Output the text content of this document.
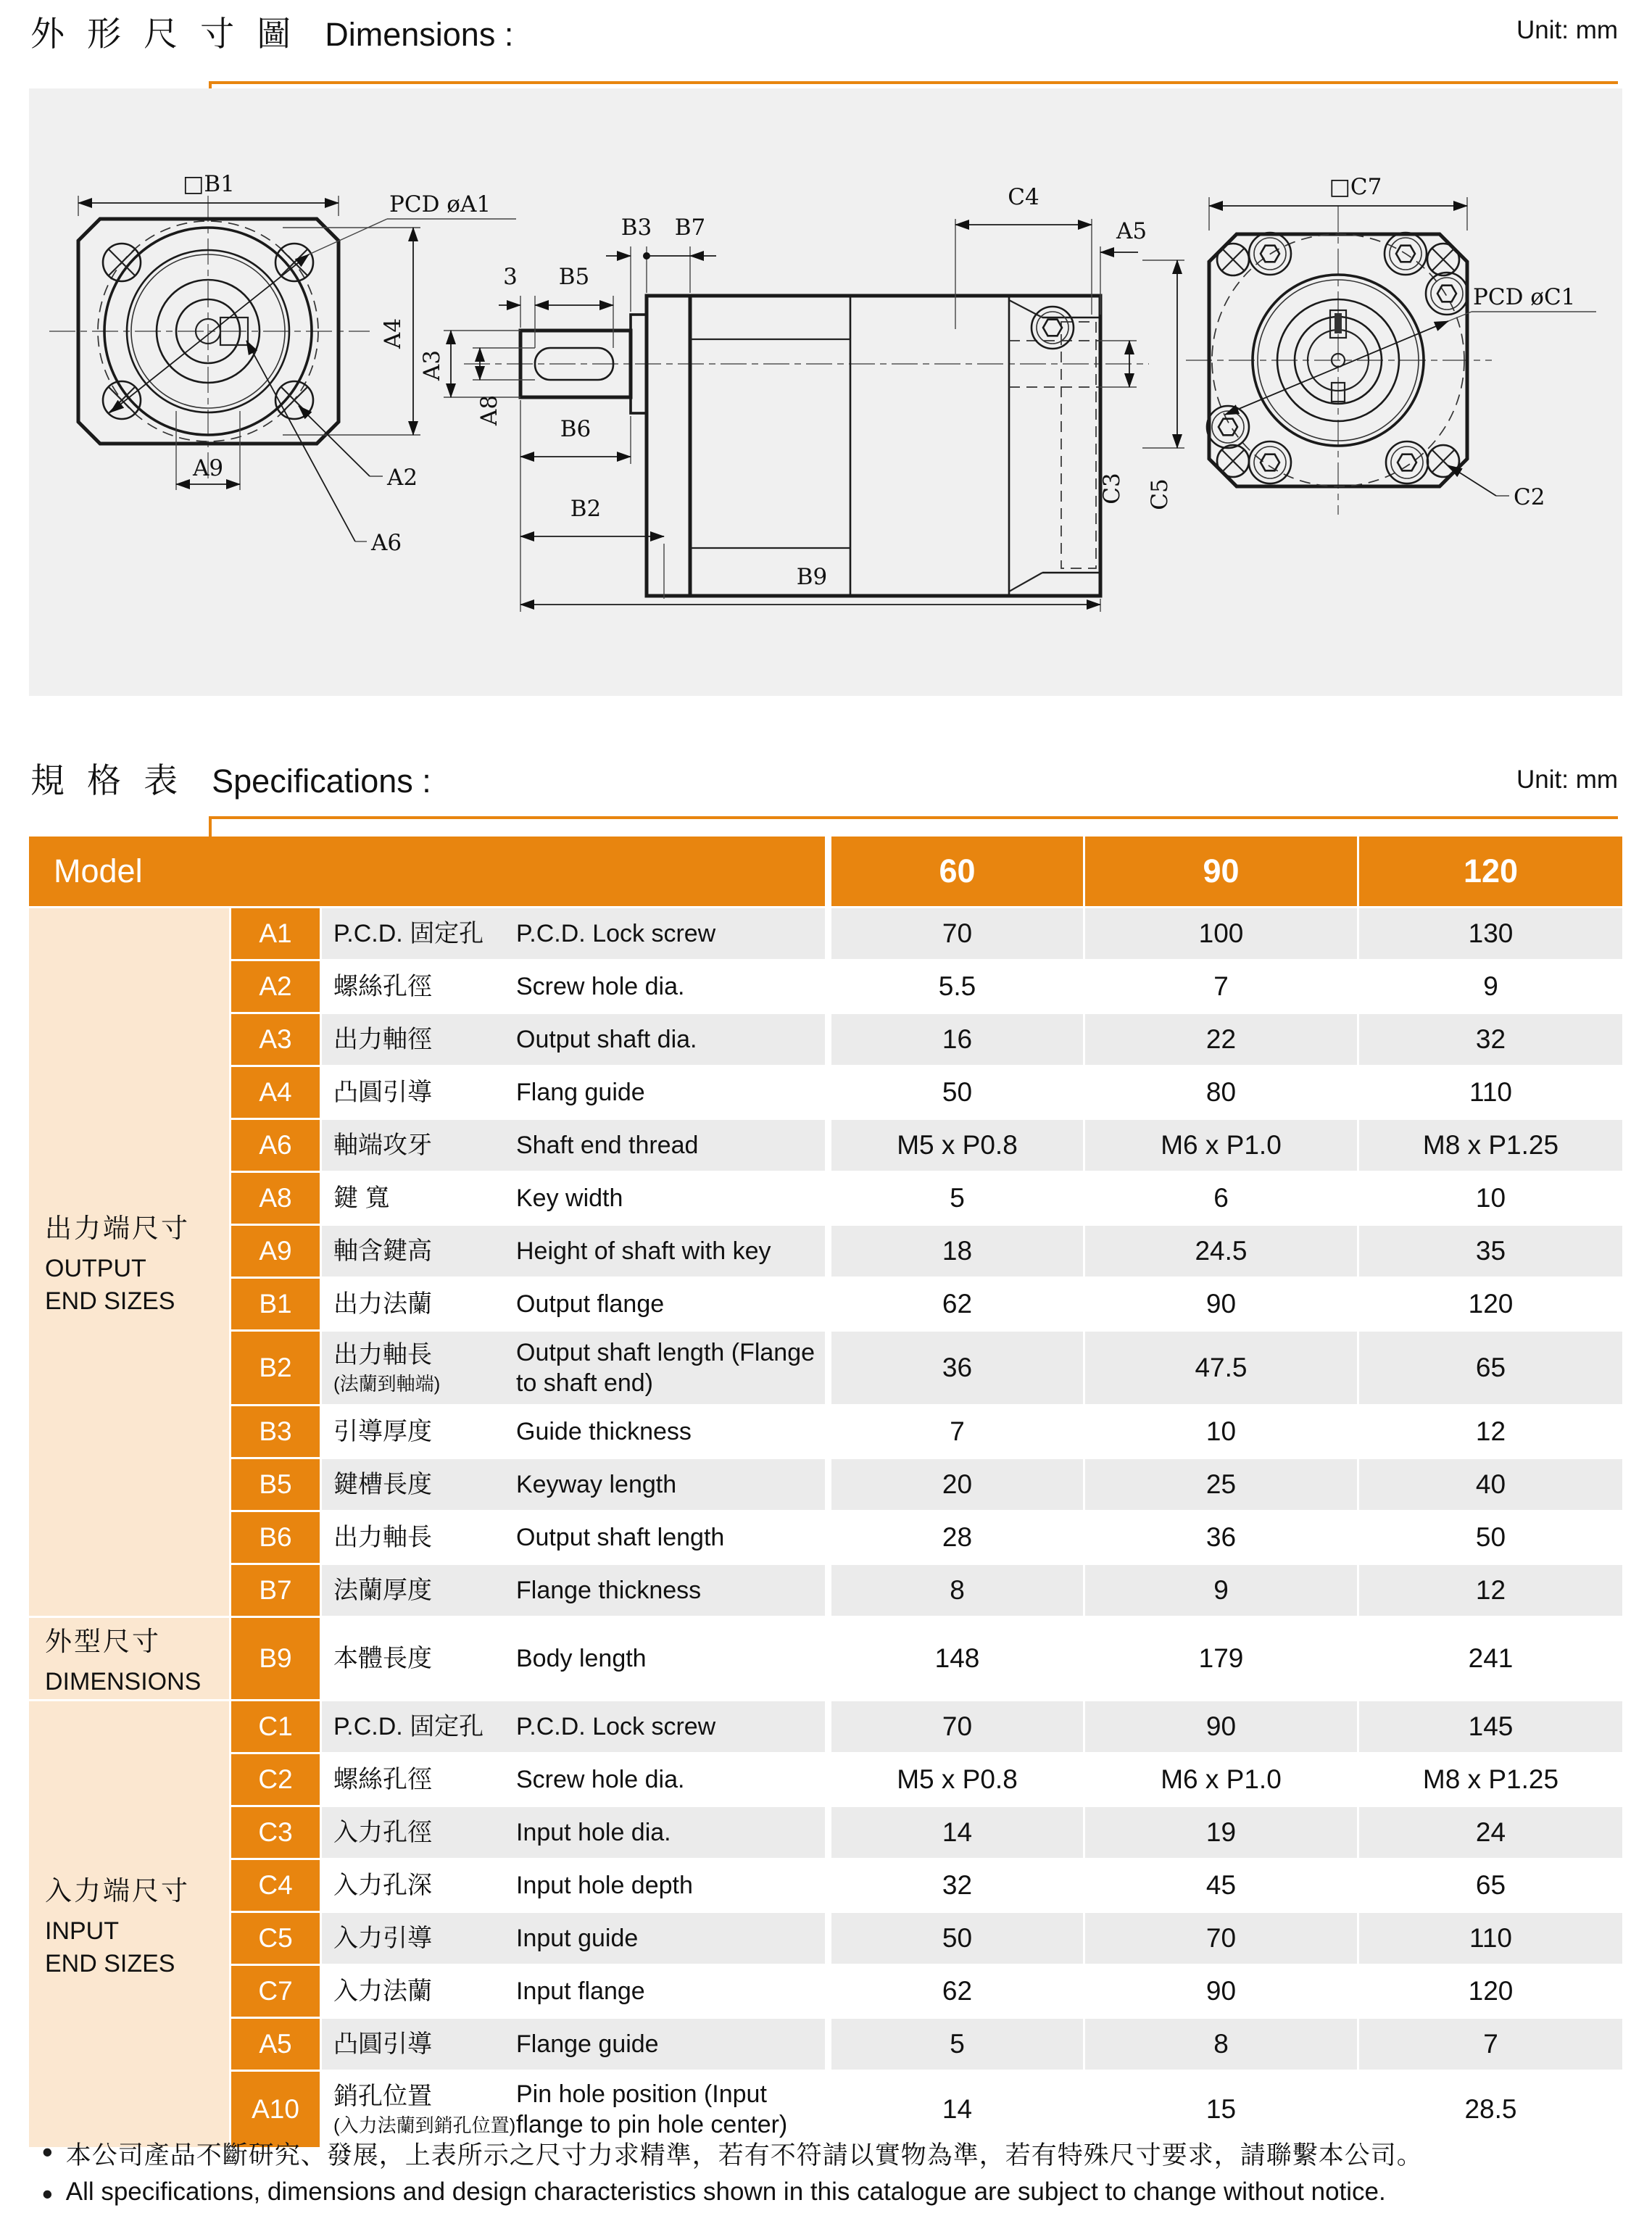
外 形 尺 寸 圖 Dimensions :	Unit: mm
□B1
PCD øA1
A4
A9	A2
A6
3 B5
A3
A8
B3 B7
C4
A5
B6
B2
B9
C3 C5
□C7
PCD øC1
C2
規 格 表 Specifications :	Unit: mm
Model	60	90	120
出力端尺寸
OUTPUT
END SIZES
A1	P.C.D. 固定孔	P.C.D. Lock screw	70	100	130
A2	螺絲孔徑	Screw hole dia.	5.5	7	9
A3	出力軸徑	Output shaft dia.	16	22	32
A4	凸圓引導	Flang guide	50	80	110
A6	軸端攻牙	Shaft end thread	M5 x P0.8	M6 x P1.0	M8 x P1.25
A8	鍵 寬	Key width	5	6	10
A9	軸含鍵高	Height of shaft with key	18	24.5	35
B1	出力法蘭	Output flange	62	90	120
B2	出力軸長
(法蘭到軸端)
Output shaft length (Flange to shaft end)
36	47.5	65
B3	引導厚度	Guide thickness	7	10	12
B5	鍵槽長度	Keyway length	20	25	40
B6	出力軸長	Output shaft length	28	36	50
B7	法蘭厚度	Flange thickness	8	9	12
外型尺寸
DIMENSIONS
B9	本體長度	Body length	148	179	241
入力端尺寸
INPUT
END SIZES
C1	P.C.D. 固定孔	P.C.D. Lock screw	70	90	145
C2	螺絲孔徑	Screw hole dia.	M5 x P0.8	M6 x P1.0	M8 x P1.25
C3	入力孔徑	Input hole dia.	14	19	24
C4	入力孔深	Input hole depth	32	45	65
C5	入力引導	Input guide	50	70	110
C7	入力法蘭	Input flange	62	90	120
A5	凸圓引導	Flange guide	5	8	7
A10	銷孔位置
(入力法蘭到銷孔位置)
Pin hole position (Input flange to pin hole center)
14	15	28.5
• 本公司產品不斷研究、發展，上表所示之尺寸力求精準，若有不符請以實物為準，若有特殊尺寸要求，請聯繫本公司。
• All specifications, dimensions and design characteristics shown in this catalogue are subject to change without notice.
